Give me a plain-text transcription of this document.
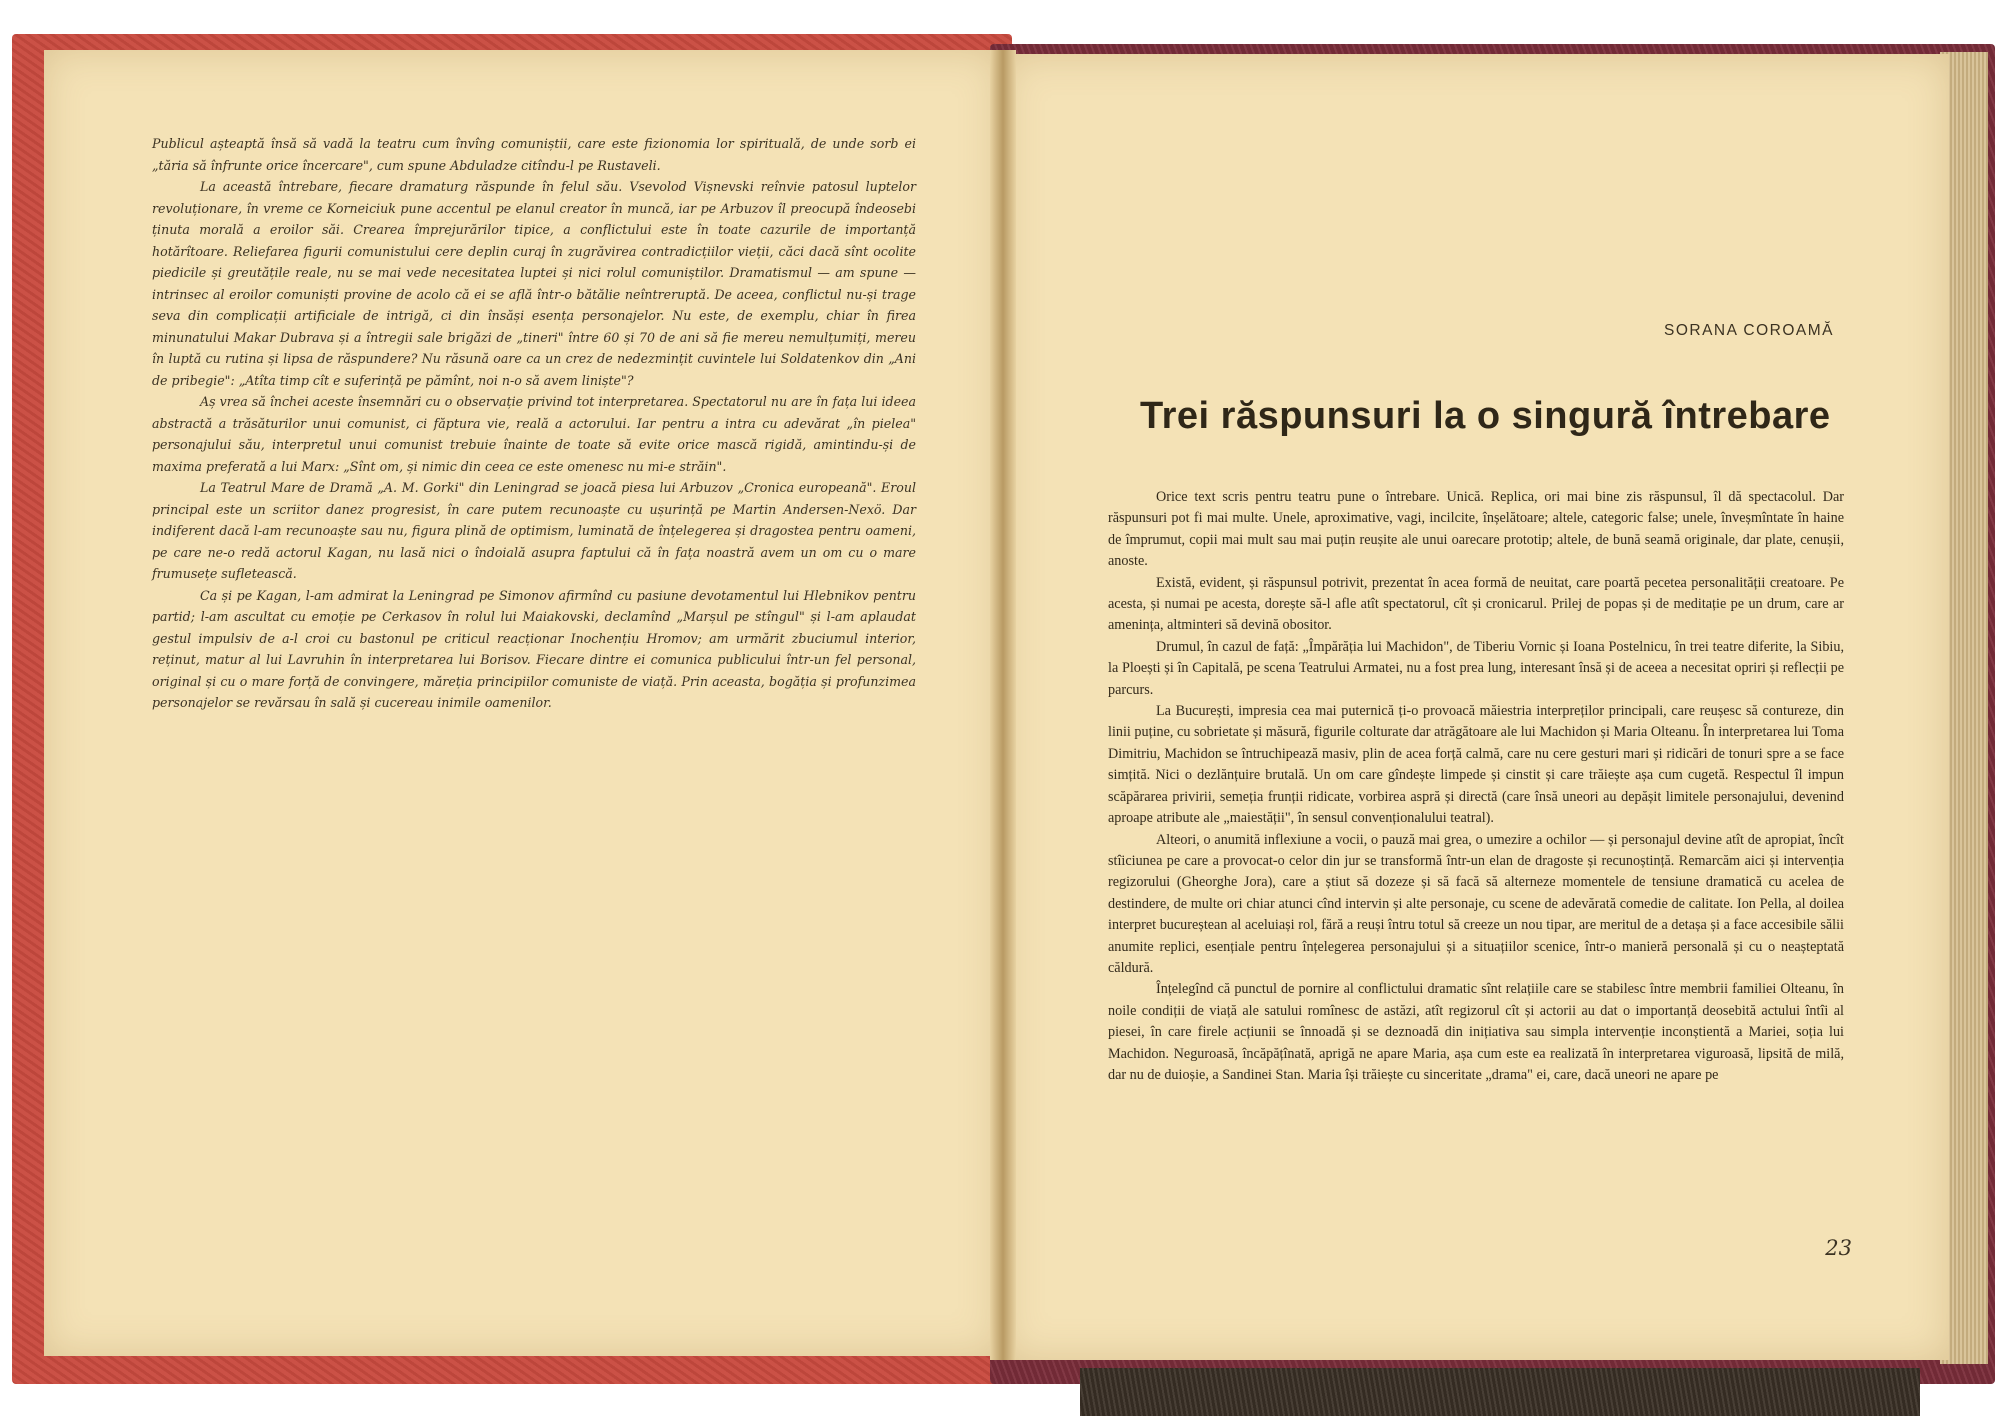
Publicul așteaptă însă să vadă la teatru cum învîng comuniștii, care este fizionomia lor spirituală, de unde sorb ei „tăria să înfrunte orice încercare", cum spune Abduladze citîndu-l pe Rustaveli.

La această întrebare, fiecare dramaturg răspunde în felul său. Vsevolod Vișnevski reînvie patosul luptelor revoluționare, în vreme ce Korneiciuk pune accentul pe elanul creator în muncă, iar pe Arbuzov îl preocupă îndeosebi ținuta morală a eroilor săi. Crearea împrejurărilor tipice, a conflictului este în toate cazurile de importanță hotărîtoare. Reliefarea figurii comunistului cere deplin curaj în zugrăvirea contradicțiilor vieții, căci dacă sînt ocolite piedicile și greutățile reale, nu se mai vede necesitatea luptei și nici rolul comuniștilor. Dramatismul — am spune — intrinsec al eroilor comuniști provine de acolo că ei se află într-o bătălie neîntreruptă. De aceea, conflictul nu-și trage seva din complicații artificiale de intrigă, ci din însăși esența personajelor. Nu este, de exemplu, chiar în firea minunatului Makar Dubrava și a întregii sale brigăzi de „tineri" între 60 și 70 de ani să fie mereu nemulțumiți, mereu în luptă cu rutina și lipsa de răspundere? Nu răsună oare ca un crez de nedezmințit cuvintele lui Soldatenkov din „Ani de pribegie": „Atîta timp cît e suferință pe pămînt, noi n-o să avem liniște"?

Aș vrea să închei aceste însemnări cu o observație privind tot interpretarea. Spectatorul nu are în fața lui ideea abstractă a trăsăturilor unui comunist, ci făptura vie, reală a actorului. Iar pentru a intra cu adevărat „în pielea" personajului său, interpretul unui comunist trebuie înainte de toate să evite orice mască rigidă, amintindu-și de maxima preferată a lui Marx: „Sînt om, și nimic din ceea ce este omenesc nu mi-e străin".

La Teatrul Mare de Dramă „A. M. Gorki" din Leningrad se joacă piesa lui Arbuzov „Cronica europeană". Eroul principal este un scriitor danez progresist, în care putem recunoaște cu ușurință pe Martin Andersen-Nexö. Dar indiferent dacă l-am recunoaște sau nu, figura plină de optimism, luminată de înțelegerea și dragostea pentru oameni, pe care ne-o redă actorul Kagan, nu lasă nici o îndoială asupra faptului că în fața noastră avem un om cu o mare frumusețe sufletească.

Ca și pe Kagan, l-am admirat la Leningrad pe Simonov afirmînd cu pasiune devotamentul lui Hlebnikov pentru partid; l-am ascultat cu emoție pe Cerkasov în rolul lui Maiakovski, declamînd „Marșul pe stîngul" și l-am aplaudat gestul impulsiv de a-l croi cu bastonul pe criticul reacționar Inochențiu Hromov; am urmărit zbuciumul interior, reținut, matur al lui Lavruhin în interpretarea lui Borisov. Fiecare dintre ei comunica publicului într-un fel personal, original și cu o mare forță de convingere, măreția principiilor comuniste de viață. Prin aceasta, bogăția și profunzimea personajelor se revărsau în sală și cucereau inimile oamenilor.

SORANA COROAMĂ
Trei răspunsuri la o singură întrebare

Orice text scris pentru teatru pune o întrebare. Unică. Replica, ori mai bine zis răspunsul, îl dă spectacolul. Dar răspunsuri pot fi mai multe. Unele, aproximative, vagi, incilcite, înșelătoare; altele, categoric false; unele, înveșmîntate în haine de împrumut, copii mai mult sau mai puțin reușite ale unui oarecare prototip; altele, de bună seamă originale, dar plate, cenușii, anoste.

Există, evident, și răspunsul potrivit, prezentat în acea formă de neuitat, care poartă pecetea personalității creatoare. Pe acesta, și numai pe acesta, dorește să-l afle atît spectatorul, cît și cronicarul. Prilej de popas și de meditație pe un drum, care ar amenința, altminteri să devină obositor.

Drumul, în cazul de față: „Împărăția lui Machidon", de Tiberiu Vornic și Ioana Postelnicu, în trei teatre diferite, la Sibiu, la Ploești și în Capitală, pe scena Teatrului Armatei, nu a fost prea lung, interesant însă și de aceea a necesitat opriri și reflecții pe parcurs.

La București, impresia cea mai puternică ți-o provoacă măiestria interpreților principali, care reușesc să contureze, din linii puține, cu sobrietate și măsură, figurile colturate dar atrăgătoare ale lui Machidon și Maria Olteanu. În interpretarea lui Toma Dimitriu, Machidon se întruchipează masiv, plin de acea forță calmă, care nu cere gesturi mari și ridicări de tonuri spre a se face simțită. Nici o dezlănțuire brutală. Un om care gîndește limpede și cinstit și care trăiește așa cum cugetă. Respectul îl impun scăpărarea privirii, semeția frunții ridicate, vorbirea aspră și directă (care însă uneori au depășit limitele personajului, devenind aproape atribute ale „maiestății", în sensul convenționalului teatral).

Alteori, o anumită inflexiune a vocii, o pauză mai grea, o umezire a ochilor — și personajul devine atît de apropiat, încît stîiciunea pe care a provocat-o celor din jur se transformă într-un elan de dragoste și recunoștință. Remarcăm aici și intervenția regizorului (Gheorghe Jora), care a știut să dozeze și să facă să alterneze momentele de tensiune dramatică cu acelea de destindere, de multe ori chiar atunci cînd intervin și alte personaje, cu scene de adevărată comedie de calitate. Ion Pella, al doilea interpret bucureștean al aceluiași rol, fără a reuși întru totul să creeze un nou tipar, are meritul de a detașa și a face accesibile sălii anumite replici, esențiale pentru înțelegerea personajului și a situațiilor scenice, într-o manieră personală și cu o neașteptată căldură.

Înțelegînd că punctul de pornire al conflictului dramatic sînt relațiile care se stabilesc între membrii familiei Olteanu, în noile condiții de viață ale satului romînesc de astăzi, atît regizorul cît și actorii au dat o importanță deosebită actului întîi al piesei, în care firele acțiunii se înnoadă și se deznoadă din inițiativa sau simpla intervenție inconștientă a Mariei, soția lui Machidon. Neguroasă, încăpățînată, aprigă ne apare Maria, așa cum este ea realizată în interpretarea viguroasă, lipsită de milă, dar nu de duioșie, a Sandinei Stan. Maria își trăiește cu sinceritate „drama" ei, care, dacă uneori ne apare pe

23
